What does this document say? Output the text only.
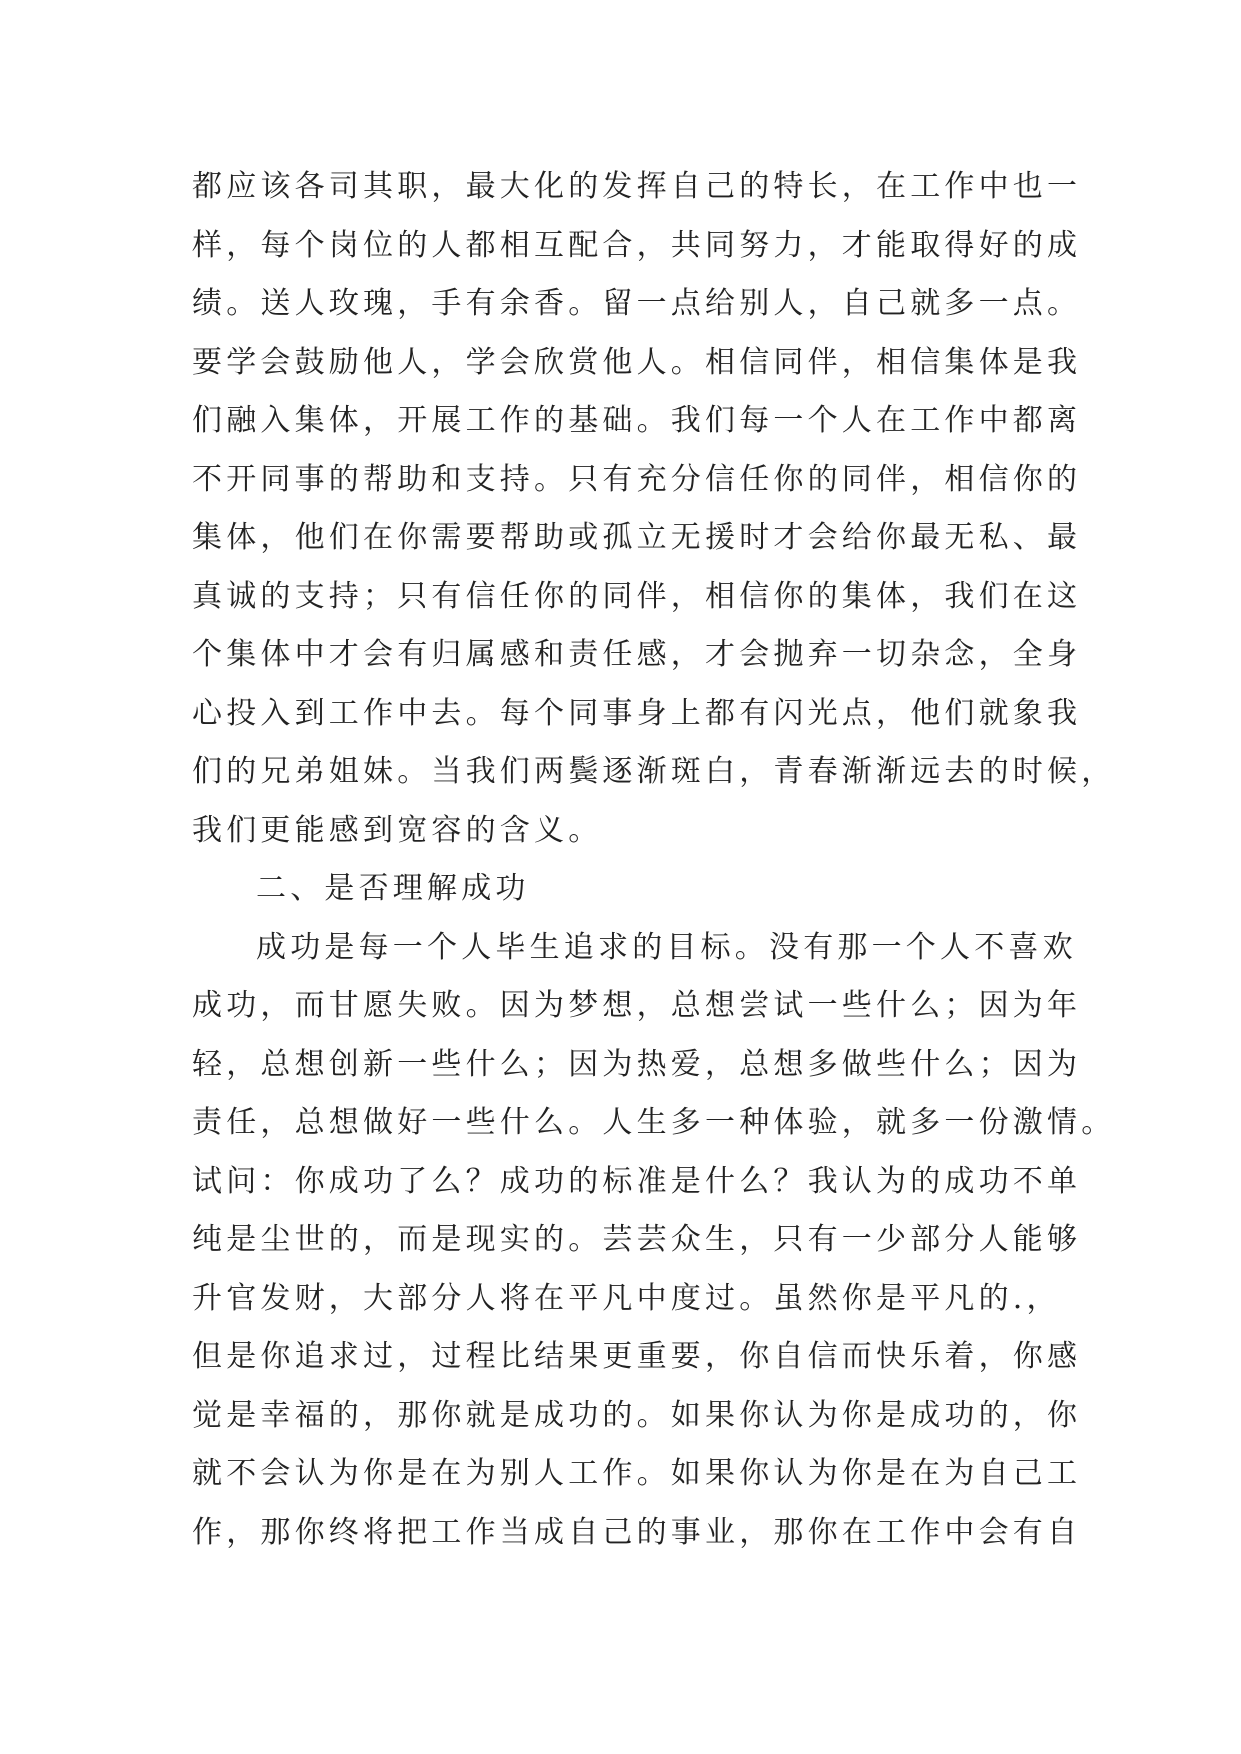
都应该各司其职，最大化的发挥自己的特长，在工作中也一
样，每个岗位的人都相互配合，共同努力，才能取得好的成
绩。送人玫瑰，手有余香。留一点给别人，自己就多一点。
要学会鼓励他人，学会欣赏他人。相信同伴，相信集体是我
们融入集体，开展工作的基础。我们每一个人在工作中都离
不开同事的帮助和支持。只有充分信任你的同伴，相信你的
集体，他们在你需要帮助或孤立无援时才会给你最无私、最
真诚的支持；只有信任你的同伴，相信你的集体，我们在这
个集体中才会有归属感和责任感，才会抛弃一切杂念，全身
心投入到工作中去。每个同事身上都有闪光点，他们就象我
们的兄弟姐妹。当我们两鬓逐渐斑白，青春渐渐远去的时候，
我们更能感到宽容的含义。
二、是否理解成功
成功是每一个人毕生追求的目标。没有那一个人不喜欢
成功，而甘愿失败。因为梦想，总想尝试一些什么；因为年
轻，总想创新一些什么；因为热爱，总想多做些什么；因为
责任，总想做好一些什么。人生多一种体验，就多一份激情。
试问：你成功了么？成功的标准是什么？我认为的成功不单
纯是尘世的，而是现实的。芸芸众生，只有一少部分人能够
升官发财，大部分人将在平凡中度过。虽然你是平凡的.，
但是你追求过，过程比结果更重要，你自信而快乐着，你感
觉是幸福的，那你就是成功的。如果你认为你是成功的，你
就不会认为你是在为别人工作。如果你认为你是在为自己工
作，那你终将把工作当成自己的事业，那你在工作中会有自
